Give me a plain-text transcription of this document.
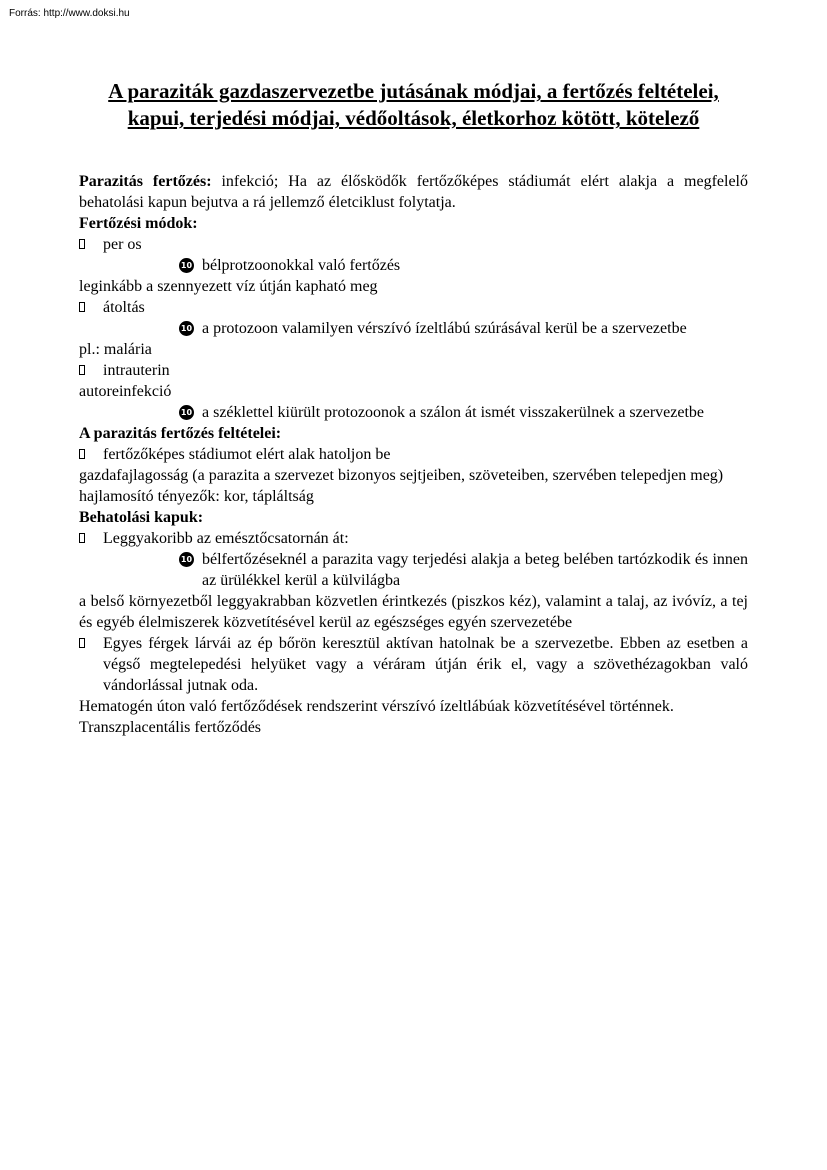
Forrás: http://www.doksi.hu
A paraziták gazdaszervezetbe jutásának módjai, a fertőzés feltételei,
kapui, terjedési módjai, védőoltások, életkorhoz kötött, kötelező

Parazitás fertőzés: infekció; Ha az élősködők fertőzőképes stádiumát elért alakja a megfelelő behatolási kapun bejutva a rá jellemző életciklust folytatja.

Fertőzési módok:

per os
10 bélprotzoonokkal való fertőzés

leginkább a szennyezett víz útján kapható meg

átoltás
10 a protozoon valamilyen vérszívó ízeltlábú szúrásával kerül be a szervezetbe

pl.: malária

intrauterin

autoreinfekció

10 a széklettel kiürült protozoonok a szálon át ismét visszakerülnek a szervezetbe

A parazitás fertőzés feltételei:

fertőzőképes stádiumot elért alak hatoljon be

gazdafajlagosság (a parazita a szervezet bizonyos sejtjeiben, szöveteiben, szervében telepedjen meg)

hajlamosító tényezők: kor, tápláltság

Behatolási kapuk:

Leggyakoribb az emésztőcsatornán át:
10 bélfertőzéseknél a parazita vagy terjedési alakja a beteg belében tartózkodik és innen az ürülékkel kerül a külvilágba

a belső környezetből leggyakrabban közvetlen érintkezés (piszkos kéz), valamint a talaj, az ivóvíz, a tej és egyéb élelmiszerek közvetítésével kerül az egészséges egyén szervezetébe

Egyes férgek lárvái az ép bőrön keresztül aktívan hatolnak be a szervezetbe. Ebben az esetben a végső megtelepedési helyüket vagy a véráram útján érik el, vagy a szövethézagokban való vándorlással jutnak oda.

Hematogén úton való fertőződések rendszerint vérszívó ízeltlábúak közvetítésével történnek.

Transzplacentális fertőződés
